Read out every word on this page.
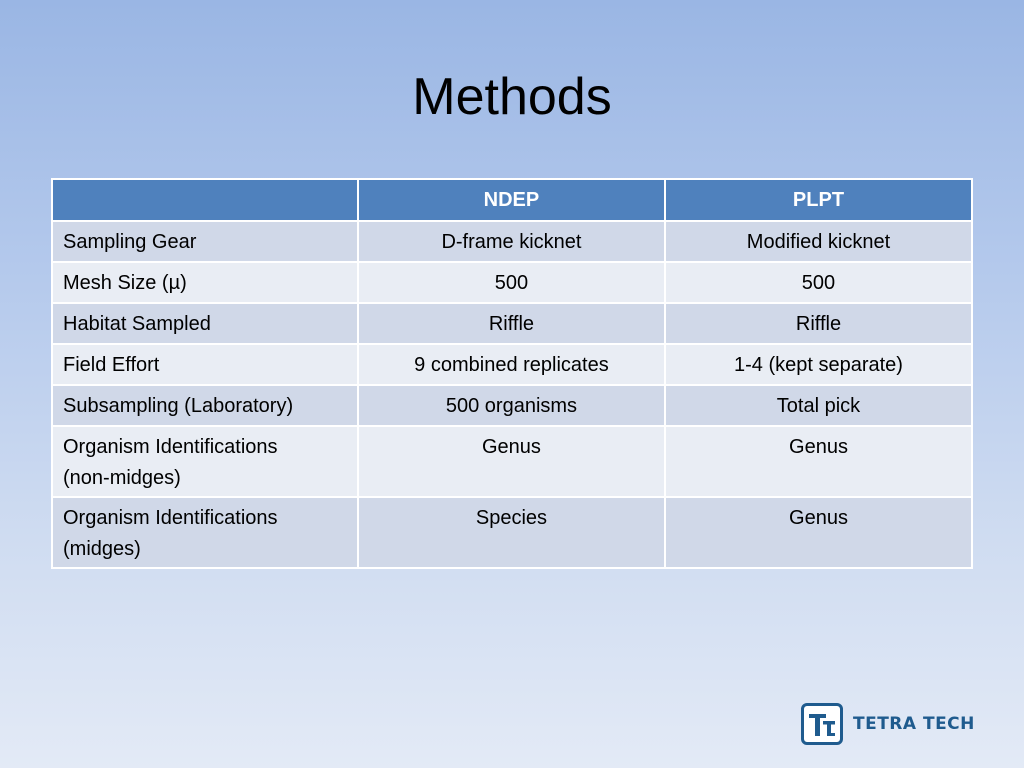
Methods
	NDEP	PLPT
Sampling Gear	D-frame kicknet	Modified kicknet
Mesh Size (µ)	500	500
Habitat Sampled	Riffle	Riffle
Field Effort	9 combined replicates	1-4 (kept separate)
Subsampling (Laboratory)	500 organisms	Total pick
Organism Identifications
(non-midges)	Genus	Genus
Organism Identifications
(midges)	Species	Genus
TETRA TECH
